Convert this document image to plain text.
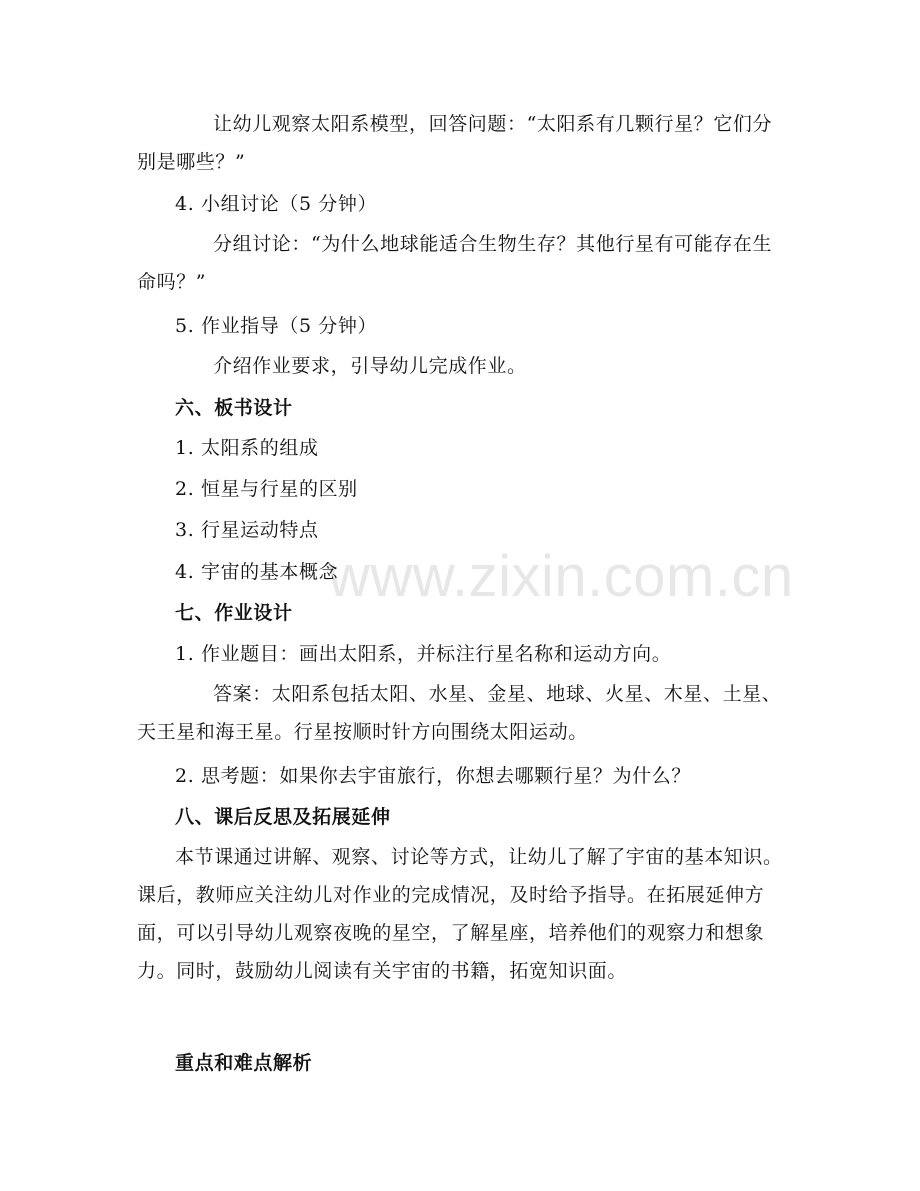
让幼儿观察太阳系模型，回答问题：“太阳系有几颗行星？它们分别是哪些？”
4. 小组讨论（5 分钟）
分组讨论：“为什么地球能适合生物生存？其他行星有可能存在生命吗？”
5. 作业指导（5 分钟）
介绍作业要求，引导幼儿完成作业。
六、板书设计
1. 太阳系的组成
2. 恒星与行星的区别
3. 行星运动特点
4. 宇宙的基本概念
七、作业设计
1. 作业题目：画出太阳系，并标注行星名称和运动方向。
答案：太阳系包括太阳、水星、金星、地球、火星、木星、土星、天王星和海王星。行星按顺时针方向围绕太阳运动。
2. 思考题：如果你去宇宙旅行，你想去哪颗行星？为什么？
八、课后反思及拓展延伸
本节课通过讲解、观察、讨论等方式，让幼儿了解了宇宙的基本知识。课后，教师应关注幼儿对作业的完成情况，及时给予指导。在拓展延伸方面，可以引导幼儿观察夜晚的星空，了解星座，培养他们的观察力和想象力。同时，鼓励幼儿阅读有关宇宙的书籍，拓宽知识面。
重点和难点解析
www.zixin.com.cn
